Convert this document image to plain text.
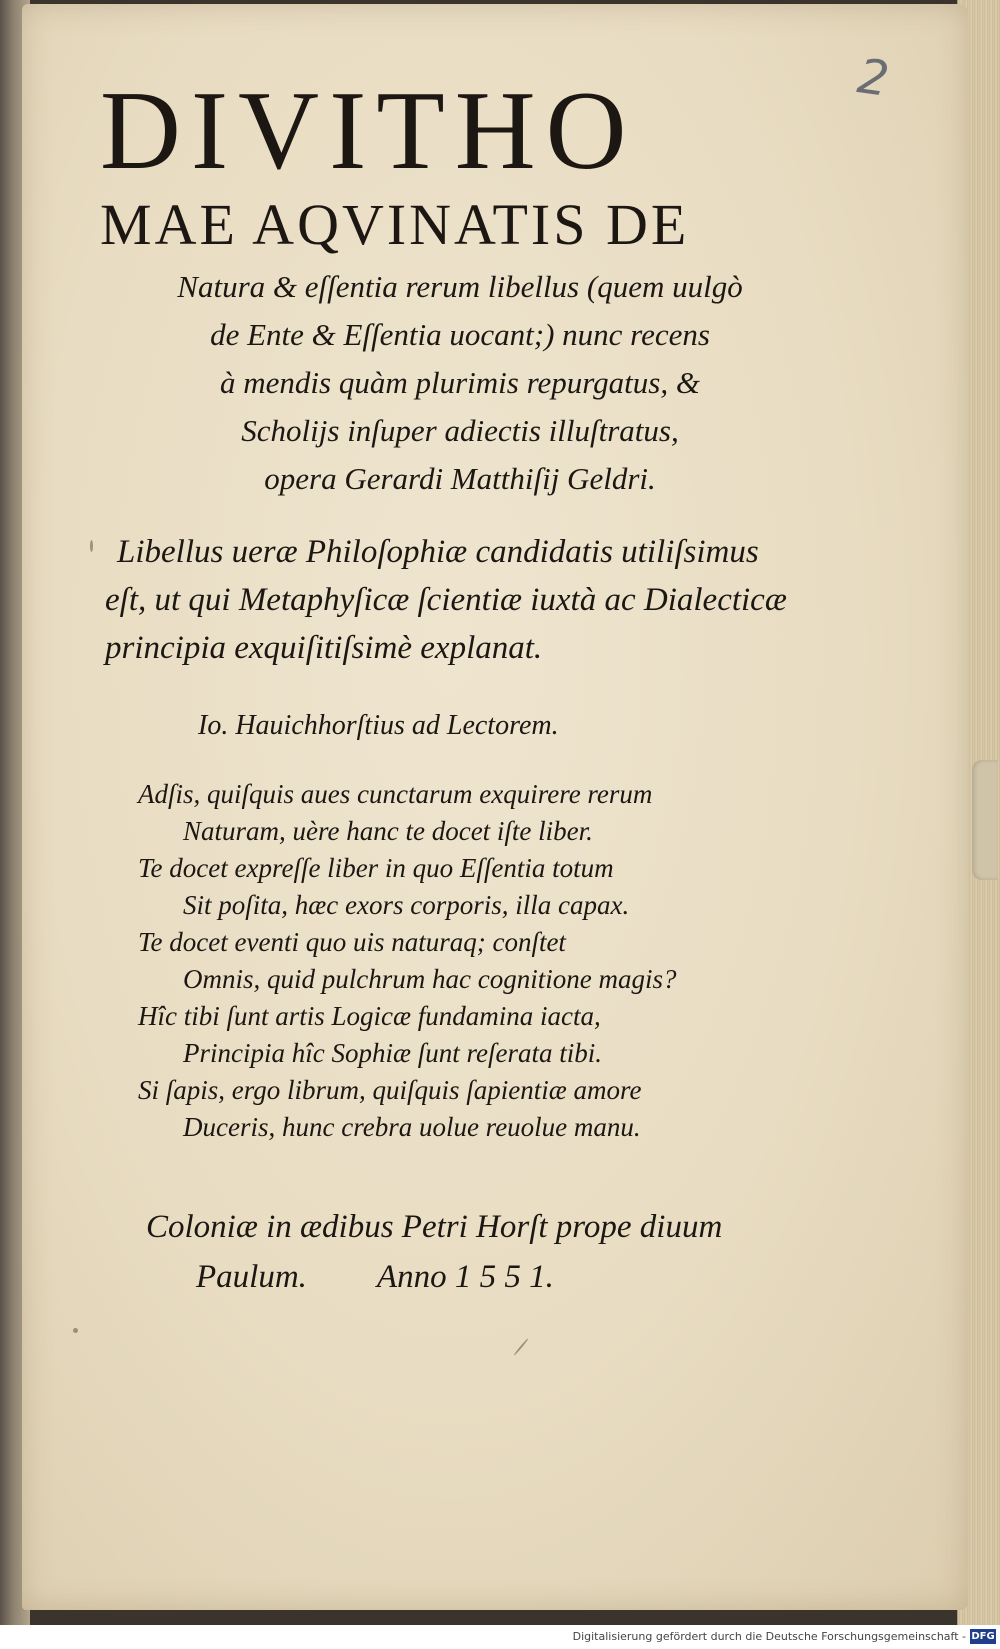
2
DIVITHO
MAE AQVINATIS DE
Natura & eſſentia rerum libellus (quem uulgò
de Ente & Eſſentia uocant;) nunc recens
à mendis quàm plurimis repurgatus, &
Scholijs inſuper adiectis illuſtratus,
opera Gerardi Matthiſij Geldri.
Libellus ueræ Philoſophiæ candidatis utiliſsimus
eſt, ut qui Metaphyſicæ ſcientiæ iuxtà ac Dialecticæ
principia exquiſitiſsimè explanat.
Io. Hauichhorſtius ad Lectorem.
Adſis, quiſquis aues cunctarum exquirere rerum
Naturam, uère hanc te docet iſte liber.
Te docet expreſſe liber in quo Eſſentia totum
Sit poſita, hæc exors corporis, illa capax.
Te docet eventi quo uis naturaq; conſtet
Omnis, quid pulchrum hac cognitione magis?
Hîc tibi ſunt artis Logicæ fundamina iacta,
Principia hîc Sophiæ ſunt reſerata tibi.
Si ſapis, ergo librum, quiſquis ſapientiæ amore
Duceris, hunc crebra uolue reuolue manu.
Coloniæ in ædibus Petri Horſt prope diuum
Paulum. Anno 1 5 5 1.
Digitalisierung gefördert durch die Deutsche Forschungsgemeinschaft - DFG
